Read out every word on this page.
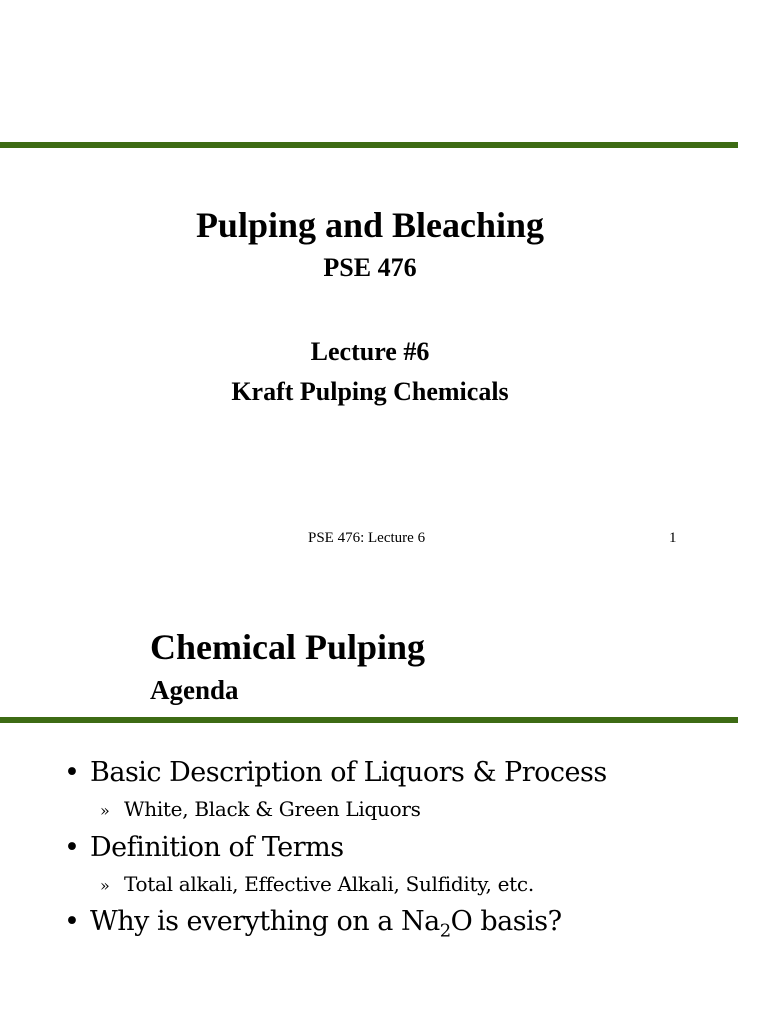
Pulping and Bleaching
PSE 476
Lecture #6
Kraft Pulping Chemicals
PSE 476: Lecture 6	1
Chemical Pulping
Agenda
• Basic Description of Liquors & Process
» White, Black & Green Liquors
• Definition of Terms
» Total alkali, Effective Alkali, Sulfidity, etc.
• Why is everything on a $Na_2O$ basis?
